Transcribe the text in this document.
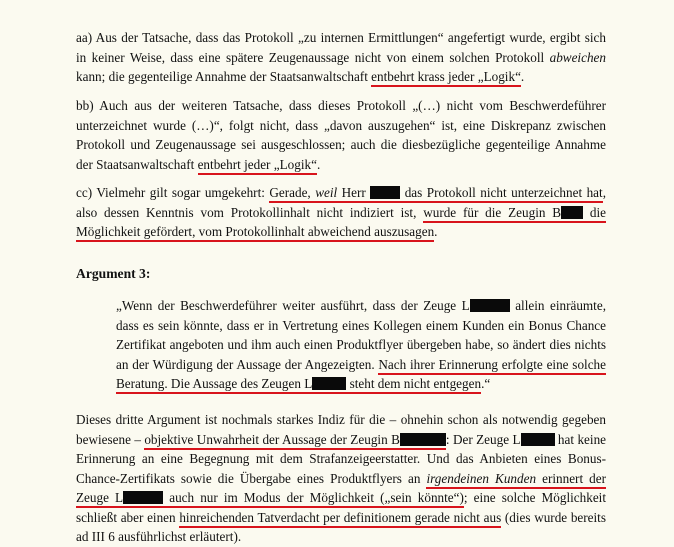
aa) Aus der Tatsache, dass das Protokoll „zu internen Ermittlungen“ angefertigt wurde, ergibt sich in keiner Weise, dass eine spätere Zeugenaussage nicht von einem solchen Protokoll abweichen kann; die gegenteilige Annahme der Staatsanwaltschaft entbehrt krass jeder „Logik“.

bb) Auch aus der weiteren Tatsache, dass dieses Protokoll „(…) nicht vom Beschwerdeführer unterzeichnet wurde (…)“, folgt nicht, dass „davon auszugehen“ ist, eine Diskrepanz zwischen Protokoll und Zeugenaussage sei ausgeschlossen; auch die diesbezügliche gegenteilige Annahme der Staatsanwaltschaft entbehrt jeder „Logik“.

cc) Vielmehr gilt sogar umgekehrt: Gerade, weil Herr  das Protokoll nicht unterzeichnet hat, also dessen Kenntnis vom Protokollinhalt nicht indiziert ist, wurde für die Zeugin B die Möglichkeit gefördert, vom Protokollinhalt abweichend auszusagen.

Argument 3:

„Wenn der Beschwerdeführer weiter ausführt, dass der Zeuge L	allein einräumte, dass es sein könnte, dass er in Vertretung eines Kollegen einem Kunden ein Bonus Chance Zertifikat angeboten und ihm auch einen Produktflyer übergeben habe, so ändert dies nichts an der Würdigung der Aussage der Angezeigten. Nach ihrer Erinnerung erfolgte eine solche Beratung. Die Aussage des Zeugen L	steht dem nicht entgegen.“

Dieses dritte Argument ist nochmals starkes Indiz für die – ohnehin schon als notwendig gegeben bewiesene – objektive Unwahrheit der Aussage der Zeugin B	: Der Zeuge L	hat keine Erinnerung an eine Begegnung mit dem Strafanzeigeerstatter. Und das Anbieten eines Bonus-Chance-Zertifikats sowie die Übergabe eines Produktflyers an irgendeinen Kunden erinnert der Zeuge L	auch nur im Modus der Möglichkeit („sein könnte“); eine solche Möglichkeit schließt aber einen hinreichenden Tatverdacht per definitionem gerade nicht aus (dies wurde bereits ad III 6 ausführlichst erläutert).
